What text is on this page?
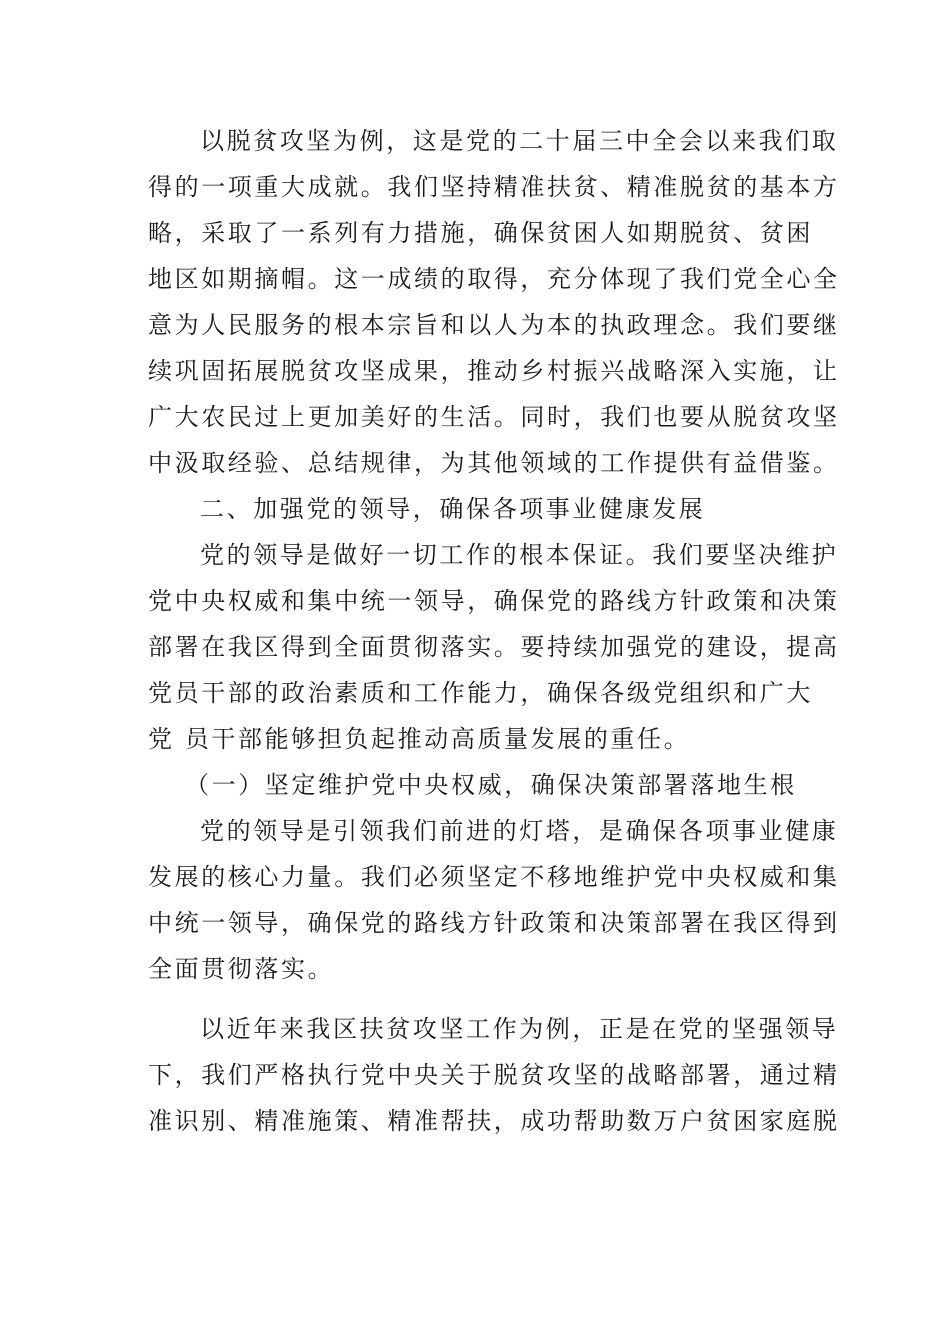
以脱贫攻坚为例，这是党的二十届三中全会以来我们取
得的一项重大成就。我们坚持精准扶贫、精准脱贫的基本方
略，采取了一系列有力措施，确保贫困人如期脱贫、贫困
地区如期摘帽。这一成绩的取得，充分体现了我们党全心全
意为人民服务的根本宗旨和以人为本的执政理念。我们要继
续巩固拓展脱贫攻坚成果，推动乡村振兴战略深入实施，让
广大农民过上更加美好的生活。同时，我们也要从脱贫攻坚
中汲取经验、总结规律，为其他领域的工作提供有益借鉴。
二、加强党的领导，确保各项事业健康发展
党的领导是做好一切工作的根本保证。我们要坚决维护
党中央权威和集中统一领导，确保党的路线方针政策和决策
部署在我区得到全面贯彻落实。要持续加强党的建设，提高
党员干部的政治素质和工作能力，确保各级党组织和广大
党 员干部能够担负起推动高质量发展的重任。
（一）坚定维护党中央权威，确保决策部署落地生根
党的领导是引领我们前进的灯塔，是确保各项事业健康
发展的核心力量。我们必须坚定不移地维护党中央权威和集
中统一领导，确保党的路线方针政策和决策部署在我区得到
全面贯彻落实。
以近年来我区扶贫攻坚工作为例，正是在党的坚强领导
下，我们严格执行党中央关于脱贫攻坚的战略部署，通过精
准识别、精准施策、精准帮扶，成功帮助数万户贫困家庭脱
